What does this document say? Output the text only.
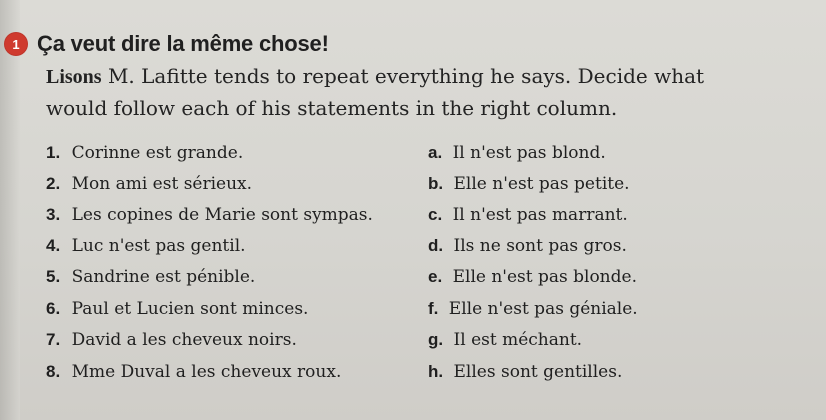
1 Ça veut dire la même chose!
Lisons M. Lafitte tends to repeat everything he says. Decide what would follow each of his statements in the right column.
1. Corinne est grande.	a. Il n'est pas blond.
2. Mon ami est sérieux.	b. Elle n'est pas petite.
3. Les copines de Marie sont sympas.	c. Il n'est pas marrant.
4. Luc n'est pas gentil.	d. Ils ne sont pas gros.
5. Sandrine est pénible.	e. Elle n'est pas blonde.
6. Paul et Lucien sont minces.	f. Elle n'est pas géniale.
7. David a les cheveux noirs.	g. Il est méchant.
8. Mme Duval a les cheveux roux.	h. Elles sont gentilles.
